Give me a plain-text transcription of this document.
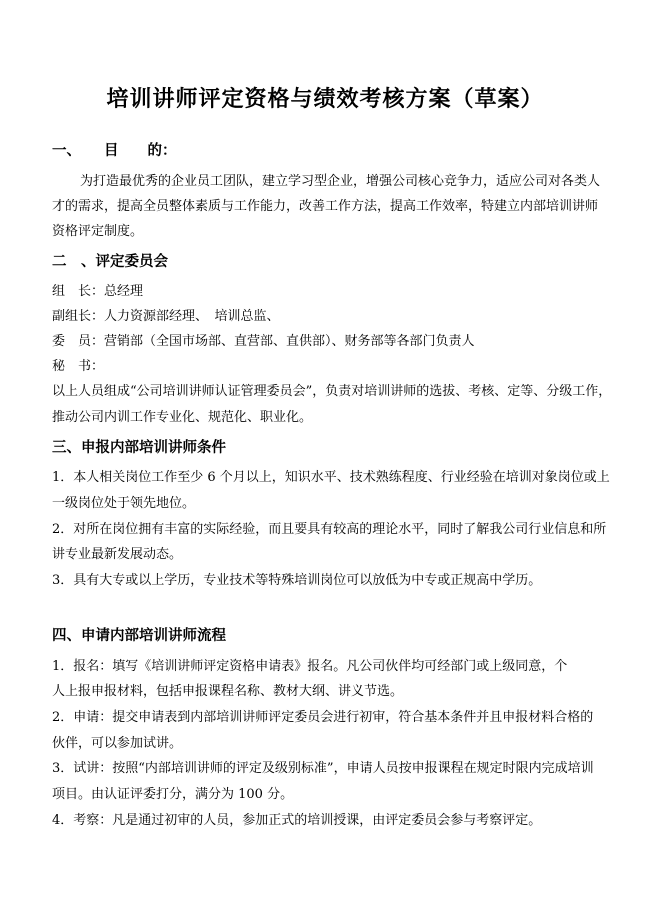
培训讲师评定资格与绩效考核方案（草案）
一、 目　　的：
为打造最优秀的企业员工团队，建立学习型企业，增强公司核心竞争力，适应公司对各类人
才的需求，提高全员整体素质与工作能力，改善工作方法，提高工作效率，特建立内部培训讲师
资格评定制度。
二　、评定委员会
组　长：总经理
副组长：人力资源部经理、　培训总监、
委　员：营销部（全国市场部、直营部、直供部）、财务部等各部门负责人
秘　书：
以上人员组成“公司培训讲师认证管理委员会”，负责对培训讲师的选拔、考核、定等、分级工作，
推动公司内训工作专业化、规范化、职业化。
三、申报内部培训讲师条件
1．本人相关岗位工作至少 6 个月以上，知识水平、技术熟练程度、行业经验在培训对象岗位或上
一级岗位处于领先地位。
2．对所在岗位拥有丰富的实际经验，而且要具有较高的理论水平，同时了解我公司行业信息和所
讲专业最新发展动态。
3．具有大专或以上学历，专业技术等特殊培训岗位可以放低为中专或正规高中学历。
四、申请内部培训讲师流程
1．报名：填写《培训讲师评定资格申请表》报名。凡公司伙伴均可经部门或上级同意，个
人上报申报材料，包括申报课程名称、教材大纲、讲义节选。
2．申请：提交申请表到内部培训讲师评定委员会进行初审，符合基本条件并且申报材料合格的
伙伴，可以参加试讲。
3．试讲：按照“内部培训讲师的评定及级别标准”，申请人员按申报课程在规定时限内完成培训
项目。由认证评委打分，满分为 100 分。
4．考察：凡是通过初审的人员，参加正式的培训授课，由评定委员会参与考察评定。
